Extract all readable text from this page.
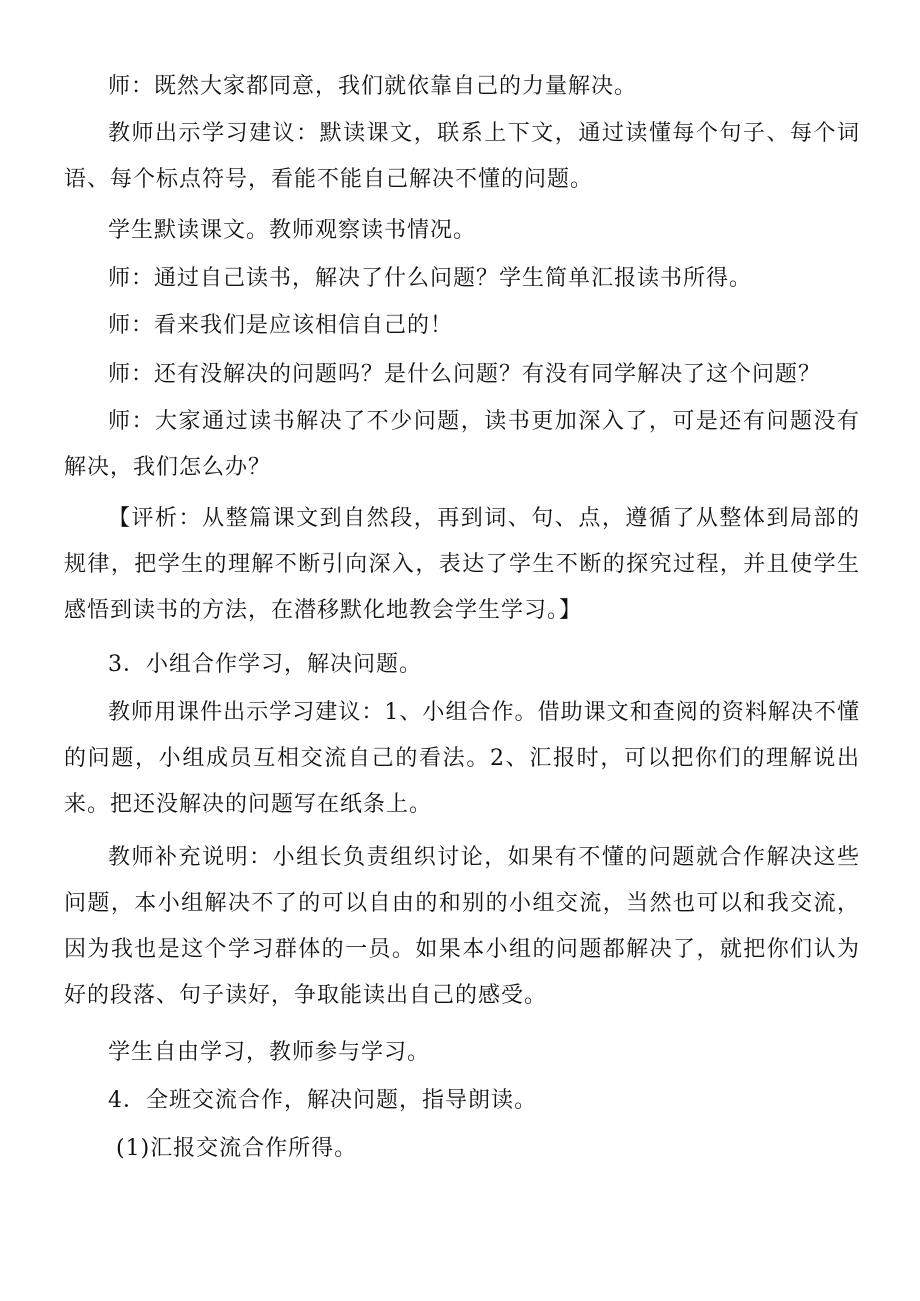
师：既然大家都同意，我们就依靠自己的力量解决。

教师出示学习建议：默读课文，联系上下文，通过读懂每个句子、每个词语、每个标点符号，看能不能自己解决不懂的问题。

学生默读课文。教师观察读书情况。

师：通过自己读书，解决了什么问题？学生简单汇报读书所得。

师：看来我们是应该相信自己的！

师：还有没解决的问题吗？是什么问题？有没有同学解决了这个问题？

师：大家通过读书解决了不少问题，读书更加深入了，可是还有问题没有解决，我们怎么办？

【评析：从整篇课文到自然段，再到词、句、点，遵循了从整体到局部的规律，把学生的理解不断引向深入，表达了学生不断的探究过程，并且使学生感悟到读书的方法，在潜移默化地教会学生学习。】

3．小组合作学习，解决问题。

教师用课件出示学习建议：1、小组合作。借助课文和查阅的资料解决不懂的问题，小组成员互相交流自己的看法。2、汇报时，可以把你们的理解说出来。把还没解决的问题写在纸条上。

教师补充说明：小组长负责组织讨论，如果有不懂的问题就合作解决这些问题，本小组解决不了的可以自由的和别的小组交流，当然也可以和我交流，因为我也是这个学习群体的一员。如果本小组的问题都解决了，就把你们认为好的段落、句子读好，争取能读出自己的感受。

学生自由学习，教师参与学习。

4．全班交流合作，解决问题，指导朗读。

(1)汇报交流合作所得。
